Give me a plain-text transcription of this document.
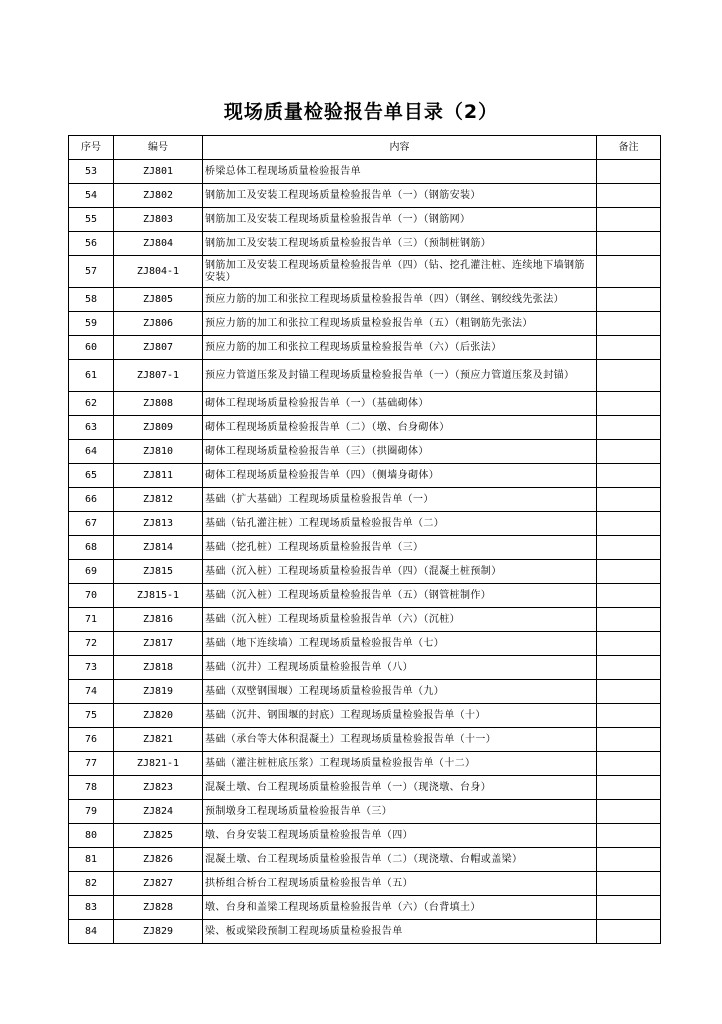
现场质量检验报告单目录（2）
序号	编号	内容	备注
53	ZJ801	桥梁总体工程现场质量检验报告单	
54	ZJ802	钢筋加工及安装工程现场质量检验报告单（一）（钢筋安装）	
55	ZJ803	钢筋加工及安装工程现场质量检验报告单（一）（钢筋网）	
56	ZJ804	钢筋加工及安装工程现场质量检验报告单（三）（预制桩钢筋）	
57	ZJ804-1	钢筋加工及安装工程现场质量检验报告单（四）（钻、挖孔灌注桩、连续地下墙钢筋安装）	
58	ZJ805	预应力筋的加工和张拉工程现场质量检验报告单（四）（钢丝、钢绞线先张法）	
59	ZJ806	预应力筋的加工和张拉工程现场质量检验报告单（五）（粗钢筋先张法）	
60	ZJ807	预应力筋的加工和张拉工程现场质量检验报告单（六）（后张法）	
61	ZJ807-1	预应力管道压浆及封锚工程现场质量检验报告单（一）（预应力管道压浆及封锚）	
62	ZJ808	砌体工程现场质量检验报告单（一）（基础砌体）	
63	ZJ809	砌体工程现场质量检验报告单（二）（墩、台身砌体）	
64	ZJ810	砌体工程现场质量检验报告单（三）（拱圈砌体）	
65	ZJ811	砌体工程现场质量检验报告单（四）（侧墙身砌体）	
66	ZJ812	基础（扩大基础）工程现场质量检验报告单（一）	
67	ZJ813	基础（钻孔灌注桩）工程现场质量检验报告单（二）	
68	ZJ814	基础（挖孔桩）工程现场质量检验报告单（三）	
69	ZJ815	基础（沉入桩）工程现场质量检验报告单（四）（混凝土桩预制）	
70	ZJ815-1	基础（沉入桩）工程现场质量检验报告单（五）（钢管桩制作）	
71	ZJ816	基础（沉入桩）工程现场质量检验报告单（六）（沉桩）	
72	ZJ817	基础（地下连续墙）工程现场质量检验报告单（七）	
73	ZJ818	基础（沉井）工程现场质量检验报告单（八）	
74	ZJ819	基础（双壁钢围堰）工程现场质量检验报告单（九）	
75	ZJ820	基础（沉井、钢围堰的封底）工程现场质量检验报告单（十）	
76	ZJ821	基础（承台等大体积混凝土）工程现场质量检验报告单（十一）	
77	ZJ821-1	基础（灌注桩桩底压浆）工程现场质量检验报告单（十二）	
78	ZJ823	混凝土墩、台工程现场质量检验报告单（一）（现浇墩、台身）	
79	ZJ824	预制墩身工程现场质量检验报告单（三）	
80	ZJ825	墩、台身安装工程现场质量检验报告单（四）	
81	ZJ826	混凝土墩、台工程现场质量检验报告单（二）（现浇墩、台帽或盖梁）	
82	ZJ827	拱桥组合桥台工程现场质量检验报告单（五）	
83	ZJ828	墩、台身和盖梁工程现场质量检验报告单（六）（台背填土）	
84	ZJ829	梁、板或梁段预制工程现场质量检验报告单	
